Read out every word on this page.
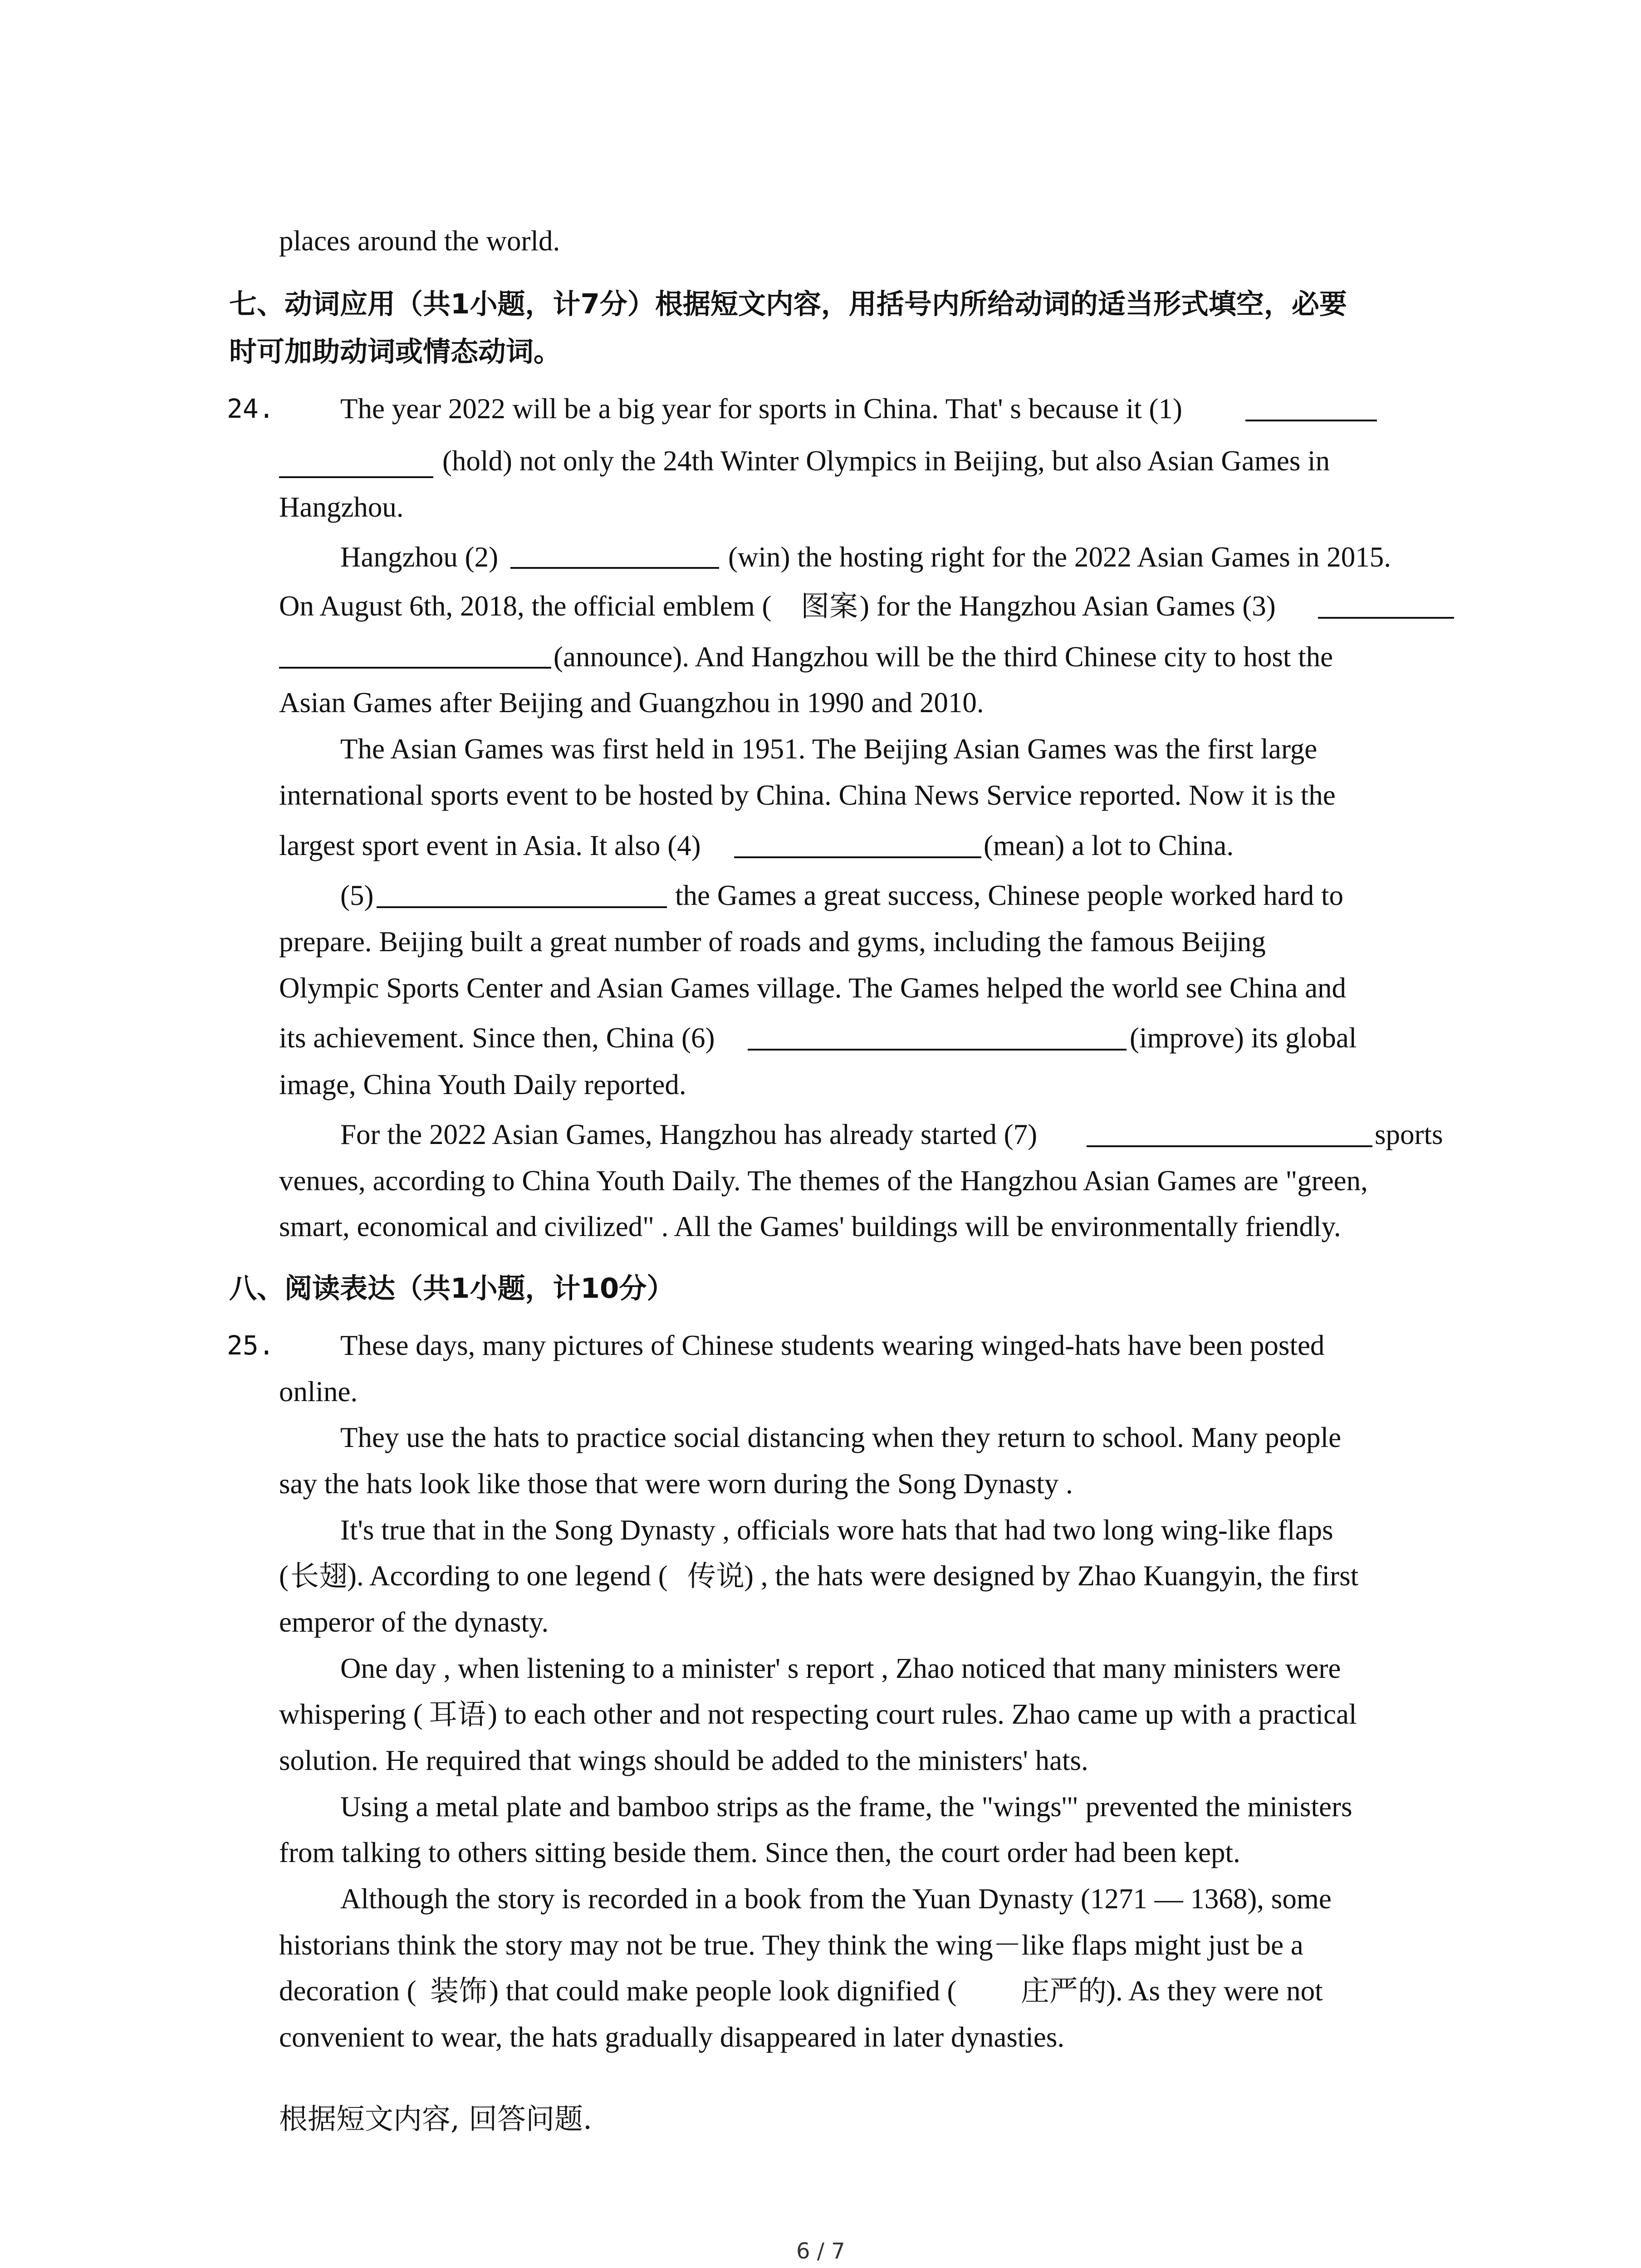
places around the world.

七、动词应用（共1小题，计7分）根据短文内容，用括号内所给动词的适当形式填空，必要

时可加助动词或情态动词。

24. The year 2022 will be a big year for sports in China. That' s because it (1)

(hold) not only the 24th Winter Olympics in Beijing, but also Asian Games in

Hangzhou.

Hangzhou (2)	(win) the hosting right for the 2022 Asian Games in 2015.

On August 6th, 2018, the official emblem ( 图案 ) for the Hangzhou Asian Games (3)

(announce). And Hangzhou will be the third Chinese city to host the

Asian Games after Beijing and Guangzhou in 1990 and 2010.

The Asian Games was first held in 1951. The Beijing Asian Games was the first large

international sports event to be hosted by China. China News Service reported. Now it is the

largest sport event in Asia. It also (4)	(mean) a lot to China.

(5)	the Games a great success, Chinese people worked hard to

prepare. Beijing built a great number of roads and gyms, including the famous Beijing

Olympic Sports Center and Asian Games village. The Games helped the world see China and

its achievement. Since then, China (6)	(improve) its global

image, China Youth Daily reported.

For the 2022 Asian Games, Hangzhou has already started (7)	sports

venues, according to China Youth Daily. The themes of the Hangzhou Asian Games are "green,

smart, economical and civilized" . All the Games' buildings will be environmentally friendly.

八、阅读表达（共1小题，计10分）

25. These days, many pictures of Chinese students wearing winged-hats have been posted

online.

They use the hats to practice social distancing when they return to school. Many people

say the hats look like those that were worn during the Song Dynasty .

It's true that in the Song Dynasty , officials wore hats that had two long wing-like flaps

( 长翅 ). According to one legend ( 传说 ) , the hats were designed by Zhao Kuangyin, the first

emperor of the dynasty.

One day , when listening to a minister' s report , Zhao noticed that many ministers were

whispering ( 耳语 ) to each other and not respecting court rules. Zhao came up with a practical

solution. He required that wings should be added to the ministers' hats.

Using a metal plate and bamboo strips as the frame, the "wings'" prevented the ministers

from talking to others sitting beside them. Since then, the court order had been kept.

Although the story is recorded in a book from the Yuan Dynasty (1271 — 1368), some

historians think the story may not be true. They think the wing－like flaps might just be a

decoration ( 装饰 ) that could make people look dignified ( 庄严的 ). As they were not

convenient to wear, the hats gradually disappeared in later dynasties.

根据短文内容, 回答问题.

6 / 7
